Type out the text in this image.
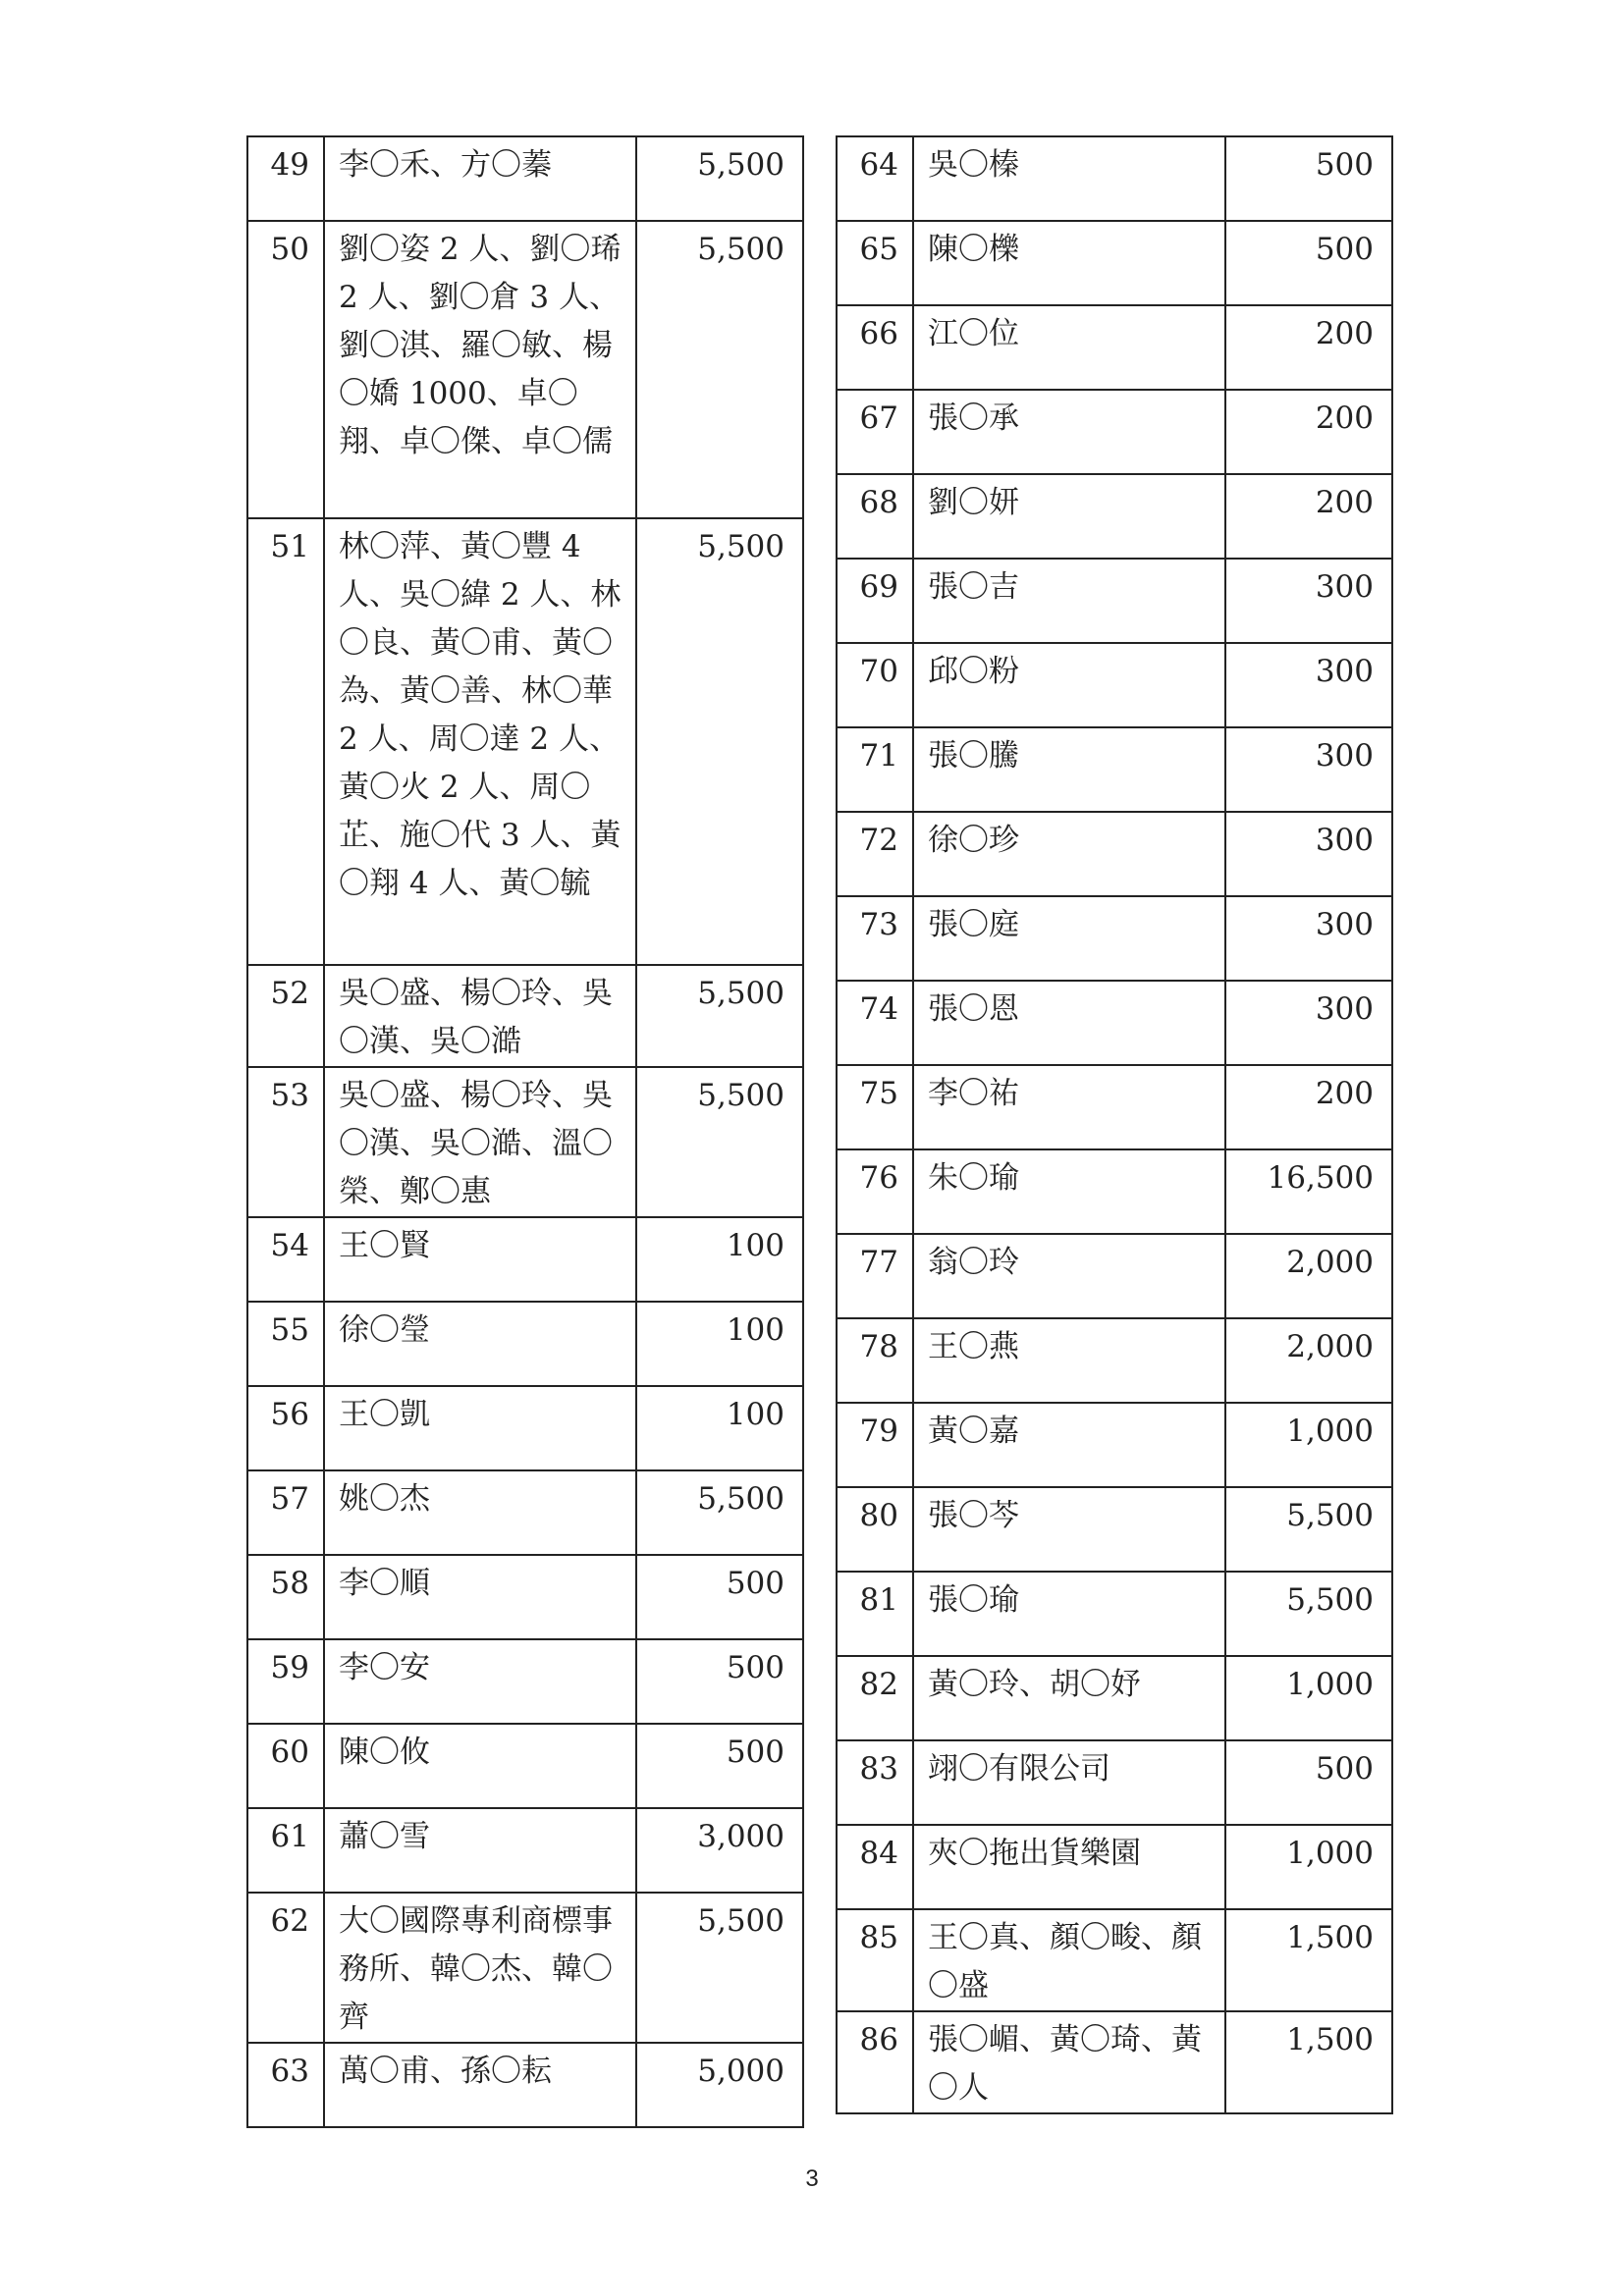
49	李〇禾、方〇蓁	5,500
50	劉〇姿 2 人、劉〇琋 2 人、劉〇倉 3 人、劉〇淇、羅〇敏、楊〇嬌 1000、卓〇翔、卓〇傑、卓〇儒	5,500
51	林〇萍、黃〇豐 4 人、吳〇緯 2 人、林〇良、黃〇甫、黃〇為、黃〇善、林〇華 2 人、周〇達 2 人、黃〇火 2 人、周〇芷、施〇代 3 人、黃〇翔 4 人、黃〇毓	5,500
52	吳〇盛、楊〇玲、吳〇漢、吳〇澔	5,500
53	吳〇盛、楊〇玲、吳〇漢、吳〇澔、溫〇榮、鄭〇惠	5,500
54	王〇賢	100
55	徐〇瑩	100
56	王〇凱	100
57	姚〇杰	5,500
58	李〇順	500
59	李〇安	500
60	陳〇攸	500
61	蕭〇雪	3,000
62	大〇國際專利商標事務所、韓〇杰、韓〇齊	5,500
63	萬〇甫、孫〇耘	5,000
64	吳〇榛	500
65	陳〇櫟	500
66	江〇位	200
67	張〇承	200
68	劉〇妍	200
69	張〇吉	300
70	邱〇粉	300
71	張〇騰	300
72	徐〇珍	300
73	張〇庭	300
74	張〇恩	300
75	李〇祐	200
76	朱〇瑜	16,500
77	翁〇玲	2,000
78	王〇燕	2,000
79	黃〇嘉	1,000
80	張〇芩	5,500
81	張〇瑜	5,500
82	黃〇玲、胡〇妤	1,000
83	翊〇有限公司	500
84	夾〇拖出貨樂園	1,000
85	王〇真、顏〇畯、顏〇盛	1,500
86	張〇嵋、黃〇琦、黃〇人	1,500
3
